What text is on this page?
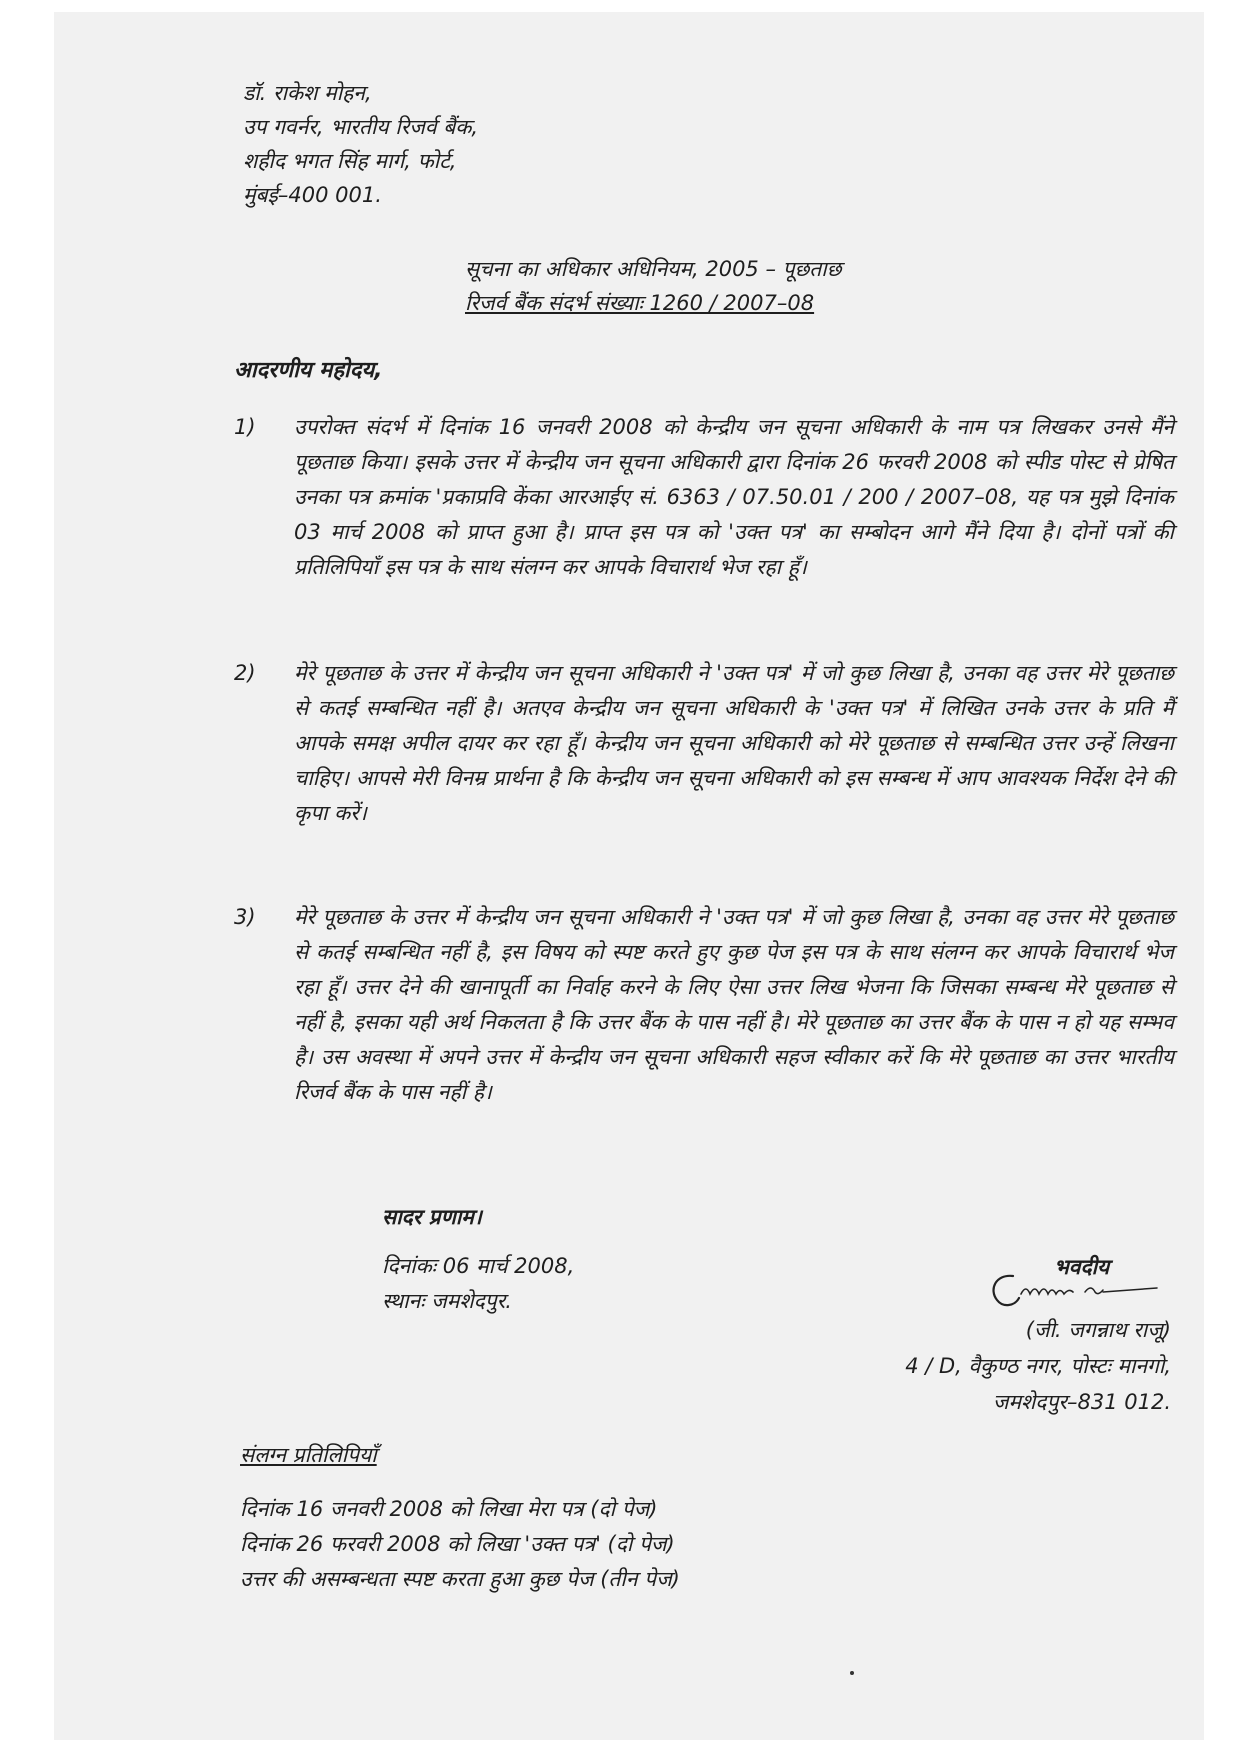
डॉ. राकेश मोहन,
उप गवर्नर, भारतीय रिजर्व बैंक,
शहीद भगत सिंह मार्ग, फोर्ट,
मुंबई–400 001.
सूचना का अधिकार अधिनियम, 2005 – पूछताछ
रिजर्व बैंक संदर्भ संख्याः 1260 / 2007–08
आदरणीय महोदय,
1)	उपरोक्त संदर्भ में दिनांक 16 जनवरी 2008 को केन्द्रीय जन सूचना अधिकारी के नाम पत्र लिखकर उनसे मैंने पूछताछ किया। इसके उत्तर में केन्द्रीय जन सूचना अधिकारी द्वारा दिनांक 26 फरवरी 2008 को स्पीड पोस्ट से प्रेषित उनका पत्र क्रमांक 'प्रकाप्रवि केंका आरआईए सं. 6363 / 07.50.01 / 200 / 2007–08, यह पत्र मुझे दिनांक 03 मार्च 2008 को प्राप्त हुआ है। प्राप्त इस पत्र को 'उक्त पत्र' का सम्बोदन आगे मैंने दिया है। दोनों पत्रों की प्रतिलिपियाँ इस पत्र के साथ संलग्न कर आपके विचारार्थ भेज रहा हूँ।
2)	मेरे पूछताछ के उत्तर में केन्द्रीय जन सूचना अधिकारी ने 'उक्त पत्र' में जो कुछ लिखा है, उनका वह उत्तर मेरे पूछताछ से कतई सम्बन्धित नहीं है। अतएव केन्द्रीय जन सूचना अधिकारी के 'उक्त पत्र' में लिखित उनके उत्तर के प्रति मैं आपके समक्ष अपील दायर कर रहा हूँ। केन्द्रीय जन सूचना अधिकारी को मेरे पूछताछ से सम्बन्धित उत्तर उन्हें लिखना चाहिए। आपसे मेरी विनम्र प्रार्थना है कि केन्द्रीय जन सूचना अधिकारी को इस सम्बन्ध में आप आवश्यक निर्देश देने की कृपा करें।
3)	मेरे पूछताछ के उत्तर में केन्द्रीय जन सूचना अधिकारी ने 'उक्त पत्र' में जो कुछ लिखा है, उनका वह उत्तर मेरे पूछताछ से कतई सम्बन्धित नहीं है, इस विषय को स्पष्ट करते हुए कुछ पेज इस पत्र के साथ संलग्न कर आपके विचारार्थ भेज रहा हूँ। उत्तर देने की खानापूर्ती का निर्वाह करने के लिए ऐसा उत्तर लिख भेजना कि जिसका सम्बन्ध मेरे पूछताछ से नहीं है, इसका यही अर्थ निकलता है कि उत्तर बैंक के पास नहीं है। मेरे पूछताछ का उत्तर बैंक के पास न हो यह सम्भव है। उस अवस्था में अपने उत्तर में केन्द्रीय जन सूचना अधिकारी सहज स्वीकार करें कि मेरे पूछताछ का उत्तर भारतीय रिजर्व बैंक के पास नहीं है।
सादर प्रणाम।
दिनांकः 06 मार्च 2008,
स्थानः जमशेदपुर.
भवदीय
(जी. जगन्नाथ राजू)
4 / D, वैकुण्ठ नगर, पोस्टः मानगो,
जमशेदपुर–831 012.
संलग्न प्रतिलिपियाँ
दिनांक 16 जनवरी 2008 को लिखा मेरा पत्र (दो पेज)
दिनांक 26 फरवरी 2008 को लिखा 'उक्त पत्र' (दो पेज)
उत्तर की असम्बन्धता स्पष्ट करता हुआ कुछ पेज (तीन पेज)
